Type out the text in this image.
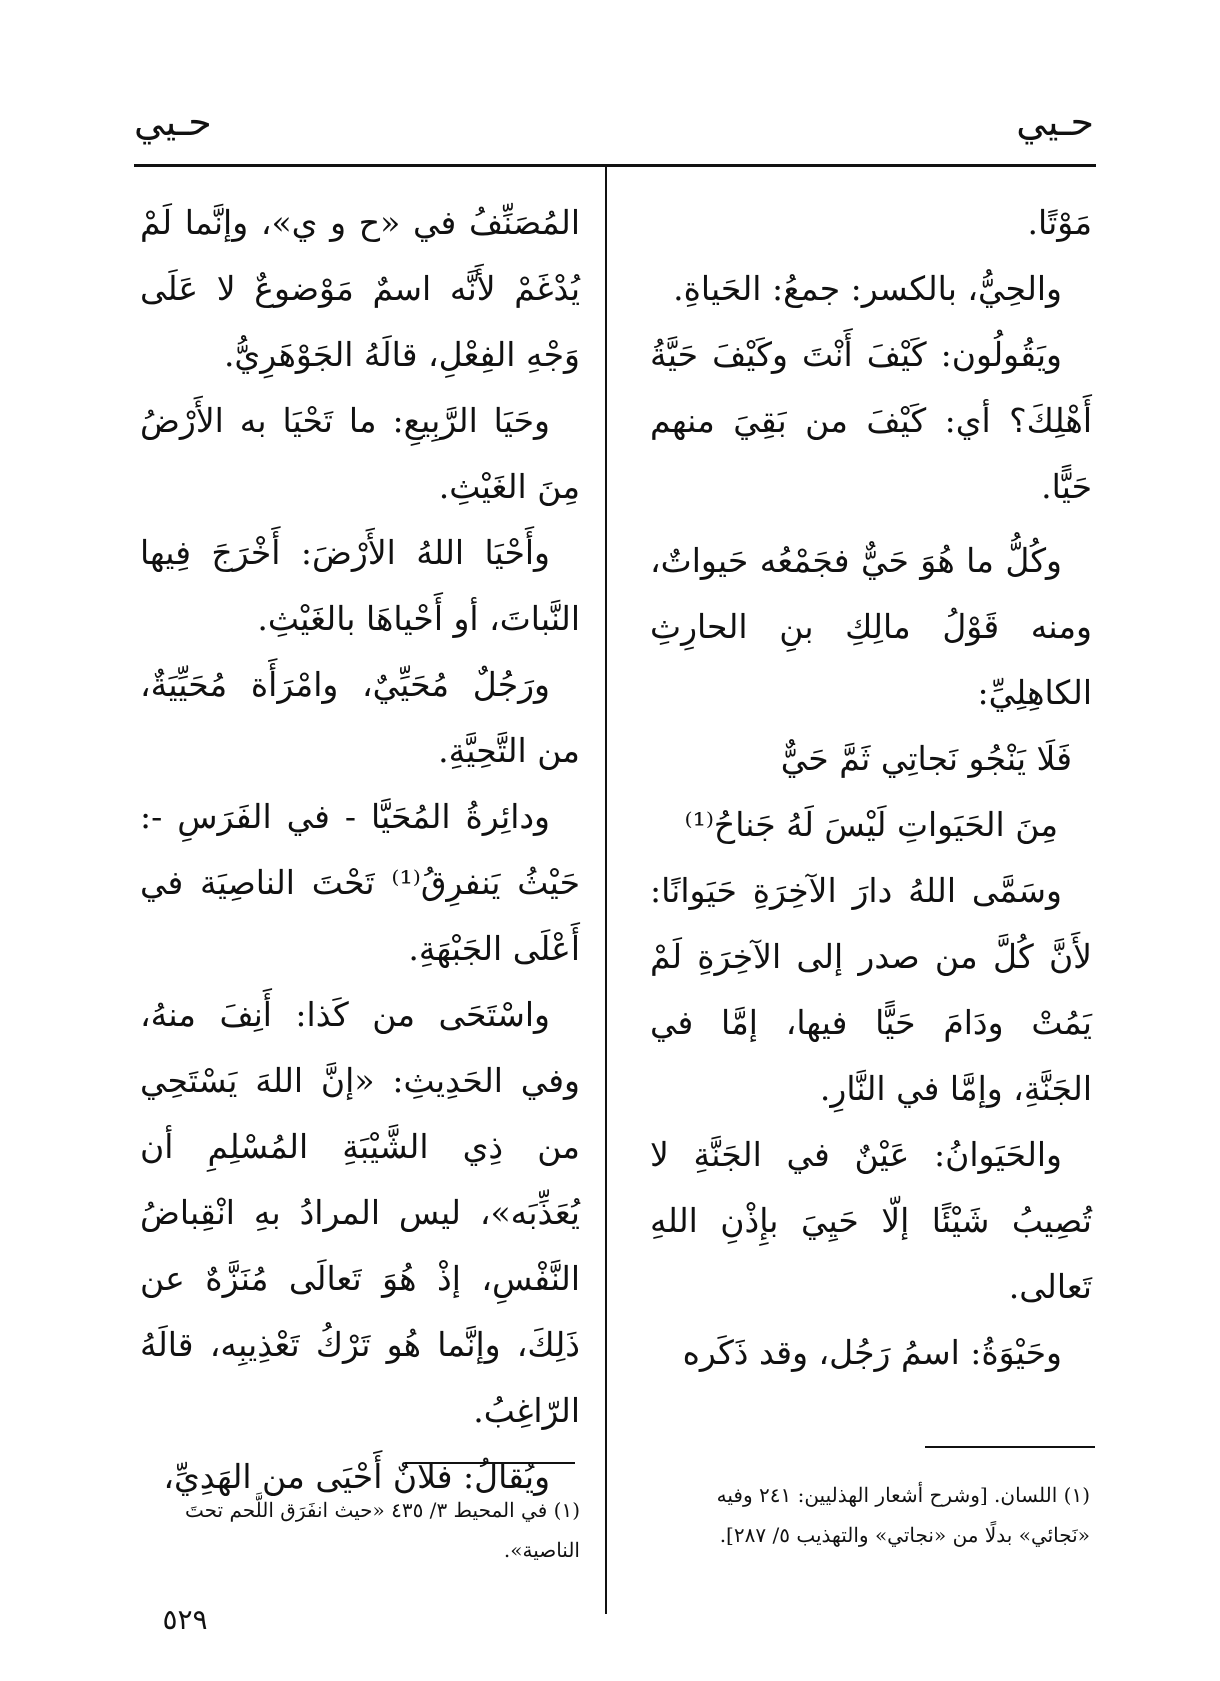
حـيي
حـيي

مَوْتًا.

والحِيُّ، بالكسر: جمعُ: الحَياةِ.

ويَقُولُون: كَيْفَ أَنْتَ وكَيْفَ حَيَّةُ أَهْلِكَ؟ أي: كَيْفَ من بَقِيَ منهم حَيًّا.

وكُلُّ ما هُوَ حَيٌّ فجَمْعُه حَيواتٌ، ومنه قَوْلُ مالِكِ بنِ الحارِثِ الكاهِلِيِّ:

فَلَا يَنْجُو نَجاتِي ثَمَّ حَيٌّ

مِنَ الحَيَواتِ لَيْسَ لَهُ جَناحُ⁽¹⁾

وسَمَّى اللهُ دارَ الآخِرَةِ حَيَوانًا: لأَنَّ كُلَّ من صدر إلى الآخِرَةِ لَمْ يَمُتْ ودَامَ حَيًّا فيها، إمَّا في الجَنَّةِ، وإمَّا في النَّارِ.

والحَيَوانُ: عَيْنٌ في الجَنَّةِ لا تُصِيبُ شَيْئًا إلّا حَيِيَ بإِذْنِ اللهِ تَعالى.

وحَيْوَةُ: اسمُ رَجُل، وقد ذَكَره

المُصَنِّفُ في «ح و ي»، وإنَّما لَمْ يُدْغَمْ لأَنَّه اسمٌ مَوْضوعٌ لا عَلَى وَجْهِ الفِعْلِ، قالَهُ الجَوْهَرِيُّ.

وحَيَا الرَّبِيعِ: ما تَحْيَا به الأَرْضُ مِنَ الغَيْثِ.

وأَحْيَا اللهُ الأَرْضَ: أَخْرَجَ فِيها النَّباتَ، أو أَحْياهَا بالغَيْثِ.

ورَجُلٌ مُحَيِّيٌ، وامْرَأَة مُحَيِّيَةٌ، من التَّحِيَّةِ.

ودائِرةُ المُحَيَّا - في الفَرَسِ -: حَيْثُ يَنفرِقُ⁽¹⁾ تَحْتَ الناصِيَة في أَعْلَى الجَبْهَةِ.

واسْتَحَى من كَذا: أَنِفَ منهُ، وفي الحَدِيثِ: «إنَّ اللهَ يَسْتَحِي من ذِي الشَّيْبَةِ المُسْلِمِ أن يُعَذِّبَه»، ليس المرادُ بهِ انْقِباضُ النَّفْسِ، إذْ هُوَ تَعالَى مُنَزَّهٌ عن ذَلِكَ، وإنَّما هُو تَرْكُ تَعْذِيبِه، قالَهُ الرّاغِبُ.

ويُقالُ: فلانٌ أَحْيَى من الهَدِيِّ،	(١) اللسان. [وشرح أشعار الهذليين: ٢٤١ وفيه «نَجائي» بدلًا من «نجاتي» والتهذيب ٥/ ٢٨٧].
(١) في المحيط ٣/ ٤٣٥ «حيث انفَرَق اللَّحم تحتَ الناصية».
٥٢٩
